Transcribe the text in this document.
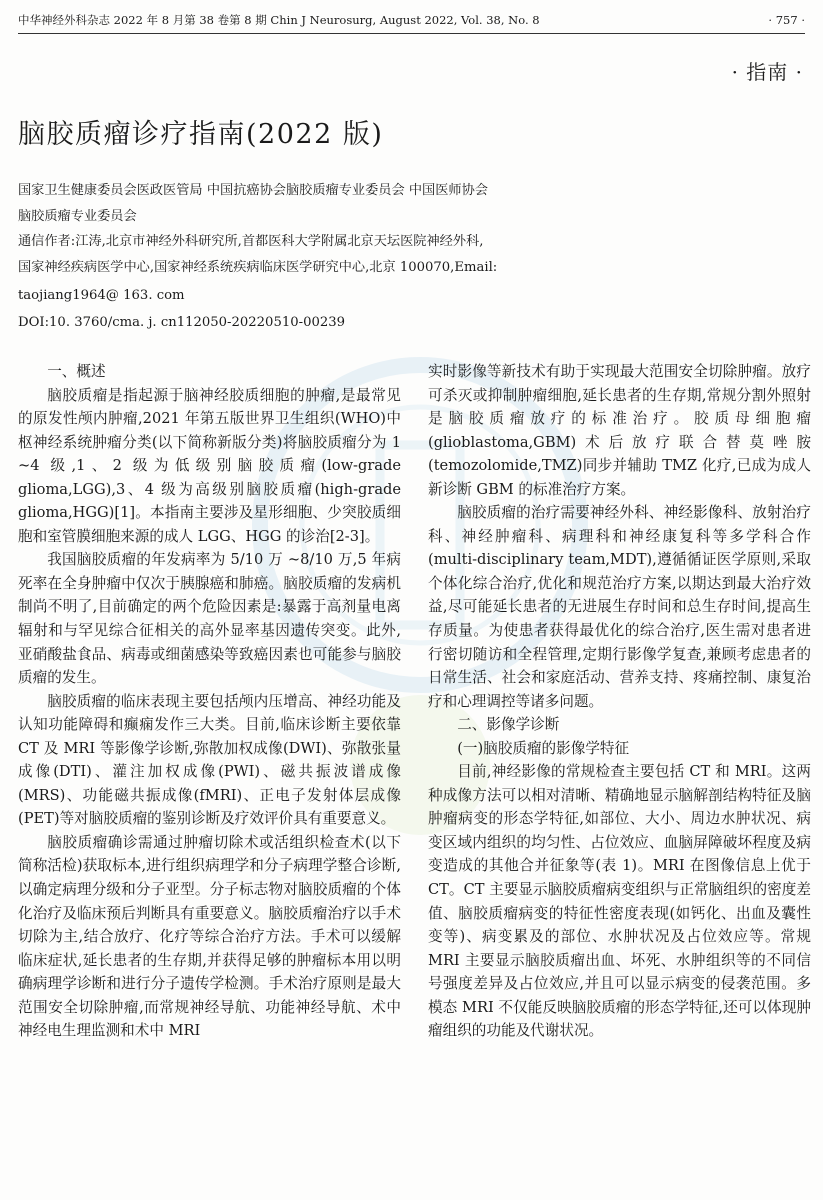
中华神经外科杂志 2022 年 8 月第 38 卷第 8 期 Chin J Neurosurg, August 2022, Vol. 38, No. 8	· 757 ·
· 指南 ·
脑胶质瘤诊疗指南(2022 版)
国家卫生健康委员会医政医管局 中国抗癌协会脑胶质瘤专业委员会 中国医师协会
脑胶质瘤专业委员会
通信作者:江涛,北京市神经外科研究所,首都医科大学附属北京天坛医院神经外科,
国家神经疾病医学中心,国家神经系统疾病临床医学研究中心,北京 100070,Email:
taojiang1964@ 163. com
DOI:10. 3760/cma. j. cn112050-20220510-00239
一、概述

脑胶质瘤是指起源于脑神经胶质细胞的肿瘤,是最常见的原发性颅内肿瘤,2021 年第五版世界卫生组织(WHO)中枢神经系统肿瘤分类(以下简称新版分类)将脑胶质瘤分为 1 ~4 级,1、2 级为低级别脑胶质瘤(low-grade glioma,LGG),3、4 级为高级别脑胶质瘤(high-grade glioma,HGG)[1]。本指南主要涉及星形细胞、少突胶质细胞和室管膜细胞来源的成人 LGG、HGG 的诊治[2-3]。

我国脑胶质瘤的年发病率为 5/10 万 ~8/10 万,5 年病死率在全身肿瘤中仅次于胰腺癌和肺癌。脑胶质瘤的发病机制尚不明了,目前确定的两个危险因素是:暴露于高剂量电离辐射和与罕见综合征相关的高外显率基因遗传突变。此外,亚硝酸盐食品、病毒或细菌感染等致癌因素也可能参与脑胶质瘤的发生。

脑胶质瘤的临床表现主要包括颅内压增高、神经功能及认知功能障碍和癫痫发作三大类。目前,临床诊断主要依靠 CT 及 MRI 等影像学诊断,弥散加权成像(DWI)、弥散张量成像(DTI)、灌注加权成像(PWI)、磁共振波谱成像(MRS)、功能磁共振成像(fMRI)、正电子发射体层成像(PET)等对脑胶质瘤的鉴别诊断及疗效评价具有重要意义。

脑胶质瘤确诊需通过肿瘤切除术或活组织检查术(以下简称活检)获取标本,进行组织病理学和分子病理学整合诊断,以确定病理分级和分子亚型。分子标志物对脑胶质瘤的个体化治疗及临床预后判断具有重要意义。脑胶质瘤治疗以手术切除为主,结合放疗、化疗等综合治疗方法。手术可以缓解临床症状,延长患者的生存期,并获得足够的肿瘤标本用以明确病理学诊断和进行分子遗传学检测。手术治疗原则是最大范围安全切除肿瘤,而常规神经导航、功能神经导航、术中神经电生理监测和术中 MRI

实时影像等新技术有助于实现最大范围安全切除肿瘤。放疗可杀灭或抑制肿瘤细胞,延长患者的生存期,常规分割外照射是脑胶质瘤放疗的标准治疗。胶质母细胞瘤(glioblastoma,GBM)术后放疗联合替莫唑胺(temozolomide,TMZ)同步并辅助 TMZ 化疗,已成为成人新诊断 GBM 的标准治疗方案。

脑胶质瘤的治疗需要神经外科、神经影像科、放射治疗科、神经肿瘤科、病理科和神经康复科等多学科合作(multi-disciplinary team,MDT),遵循循证医学原则,采取个体化综合治疗,优化和规范治疗方案,以期达到最大治疗效益,尽可能延长患者的无进展生存时间和总生存时间,提高生存质量。为使患者获得最优化的综合治疗,医生需对患者进行密切随访和全程管理,定期行影像学复查,兼顾考虑患者的日常生活、社会和家庭活动、营养支持、疼痛控制、康复治疗和心理调控等诸多问题。

二、影像学诊断
(一)脑胶质瘤的影像学特征

目前,神经影像的常规检查主要包括 CT 和 MRI。这两种成像方法可以相对清晰、精确地显示脑解剖结构特征及脑肿瘤病变的形态学特征,如部位、大小、周边水肿状况、病变区域内组织的均匀性、占位效应、血脑屏障破坏程度及病变造成的其他合并征象等(表 1)。MRI 在图像信息上优于 CT。CT 主要显示脑胶质瘤病变组织与正常脑组织的密度差值、脑胶质瘤病变的特征性密度表现(如钙化、出血及囊性变等)、病变累及的部位、水肿状况及占位效应等。常规 MRI 主要显示脑胶质瘤出血、坏死、水肿组织等的不同信号强度差异及占位效应,并且可以显示病变的侵袭范围。多模态 MRI 不仅能反映脑胶质瘤的形态学特征,还可以体现肿瘤组织的功能及代谢状况。
